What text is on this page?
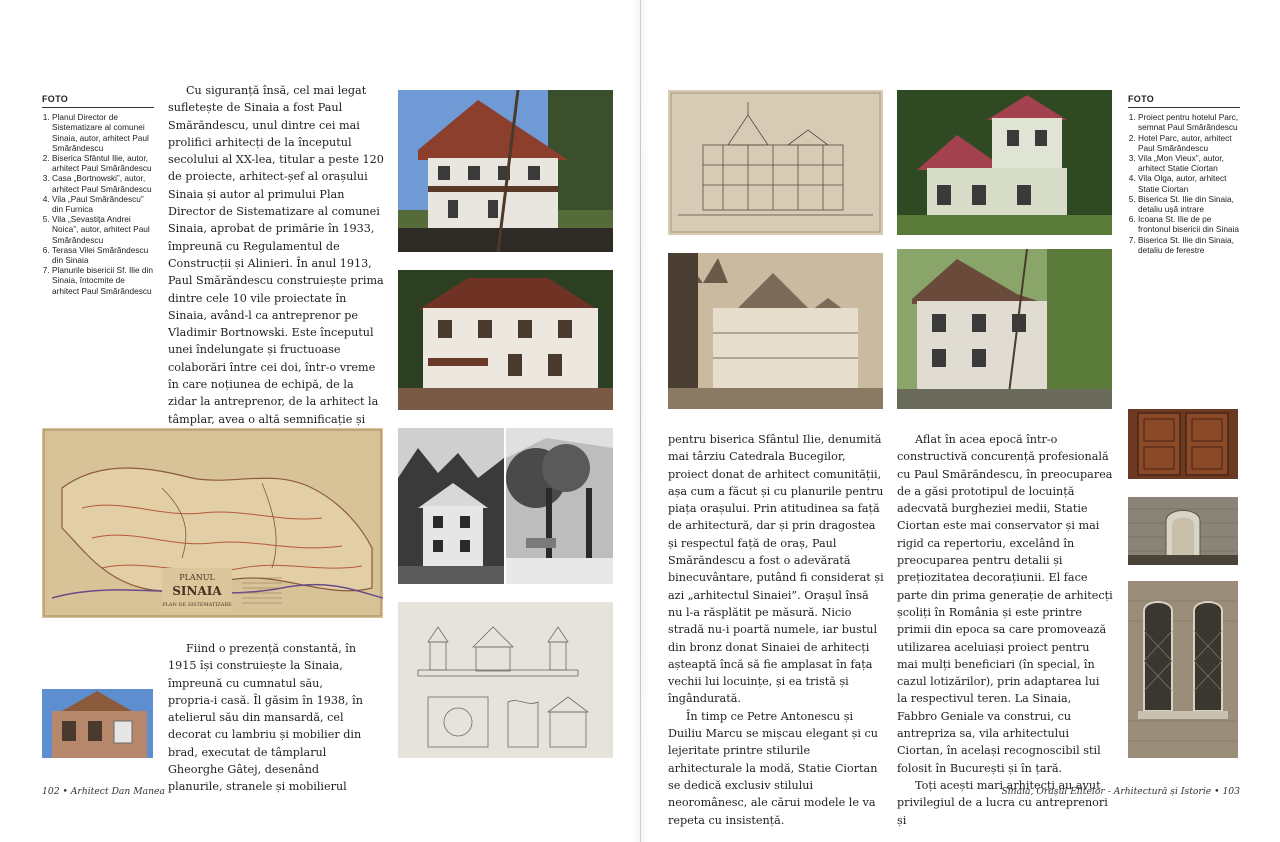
FOTO
1. Planul Director de Sistematizare al comunei Sinaia, autor, arhitect Paul Smărăndescu
2. Biserica Sfântul Ilie, autor, arhitect Paul Smărăndescu
3. Casa „Bortnowski”, autor, arhitect Paul Smărăndescu
4. Vila „Paul Smărăndescu” din Furnica
5. Vila „Sevastița Andrei Noica”, autor, arhitect Paul Smărăndescu
6. Terasa Vilei Smărăndescu din Sinaia
7. Planurile bisericii Sf. Ilie din Sinaia, întocmite de arhitect Paul Smărăndescu

Cu siguranță însă, cel mai legat sufletește de Sinaia a fost Paul Smărăndescu, unul dintre cei mai prolifici arhitecți de la începutul secolului al XX-lea, titular a peste 120 de proiecte, arhitect-șef al orașului Sinaia și autor al primului Plan Director de Sistematizare al comunei Sinaia, aprobat de primărie în 1933, împreună cu Regulamentul de Construcții și Alinieri. În anul 1913, Paul Smărăndescu construiește prima dintre cele 10 vile proiectate în Sinaia, având-l ca antreprenor pe Vladimir Bortnowski. Este începutul unei îndelungate și fructuoase colaborări între cei doi, într-o vreme în care noțiunea de echipă, de la zidar la antreprenor, de la arhitect la tâmplar, avea o altă semnificație și

Fiind o prezență constantă, în 1915 își construiește la Sinaia, împreună cu cumnatul său, propria-i casă. Îl găsim în 1938, în atelierul său din mansardă, cel decorat cu lambriu și mobilier din brad, executat de tâmplarul Gheorghe Gâtej, desenând planurile, stranele și mobilierul

PLANUL
SINAIA
PLAN DE SISTEMATIZARE
102 • Arhitect Dan Manea
FOTO
1. Proiect pentru hotelul Parc, semnat Paul Smărăndescu
2. Hotel Parc, autor, arhitect Paul Smărăndescu
3. Vila „Mon Vieux”, autor, arhitect Statie Ciortan
4. Vila Olga, autor, arhitect Statie Ciortan
5. Biserica St. Ilie din Sinaia, detaliu ușă intrare
6. Icoana St. Ilie de pe frontonul bisericii din Sinaia
7. Biserica St. Ilie din Sinaia, detaliu de ferestre

pentru biserica Sfântul Ilie, denumită mai târziu Catedrala Bucegilor, proiect donat de arhitect comunității, așa cum a făcut și cu planurile pentru piața orașului. Prin atitudinea sa față de arhitectură, dar și prin dragostea și respectul față de oraș, Paul Smărăndescu a fost o adevărată binecuvântare, putând fi considerat și azi „arhitectul Sinaiei”. Orașul însă nu l-a răsplătit pe măsură. Nicio stradă nu-i poartă numele, iar bustul din bronz donat Sinaiei de arhitecți așteaptă încă să fie amplasat în fața vechii lui locuințe, și ea tristă și îngândurată.

În timp ce Petre Antonescu și Duiliu Marcu se mișcau elegant și cu lejeritate printre stilurile arhitecturale la modă, Statie Ciortan se dedică exclusiv stilului neoromânesc, ale cărui modele le va repeta cu insistență.

Aflat în acea epocă într-o constructivă concurență profesională cu Paul Smărăndescu, în preocuparea de a găsi prototipul de locuință adecvată burgheziei medii, Statie Ciortan este mai conservator și mai rigid ca repertoriu, excelând în preocuparea pentru detalii și prețiozitatea decorațiunii. El face parte din prima generație de arhitecți școliți în România și este printre primii din epoca sa care promovează utilizarea aceluiași proiect pentru mai mulți beneficiari (în special, în cazul lotizărilor), prin adaptarea lui la respectivul teren. La Sinaia, Fabbro Geniale va construi, cu antrepriza sa, vila arhitectului Ciortan, în același recognoscibil stil folosit în București și în țară.

Toți acești mari arhitecți au avut privilegiul de a lucra cu antreprenori și

Sinaia, Orașul Elitelor - Arhitectură și Istorie • 103
